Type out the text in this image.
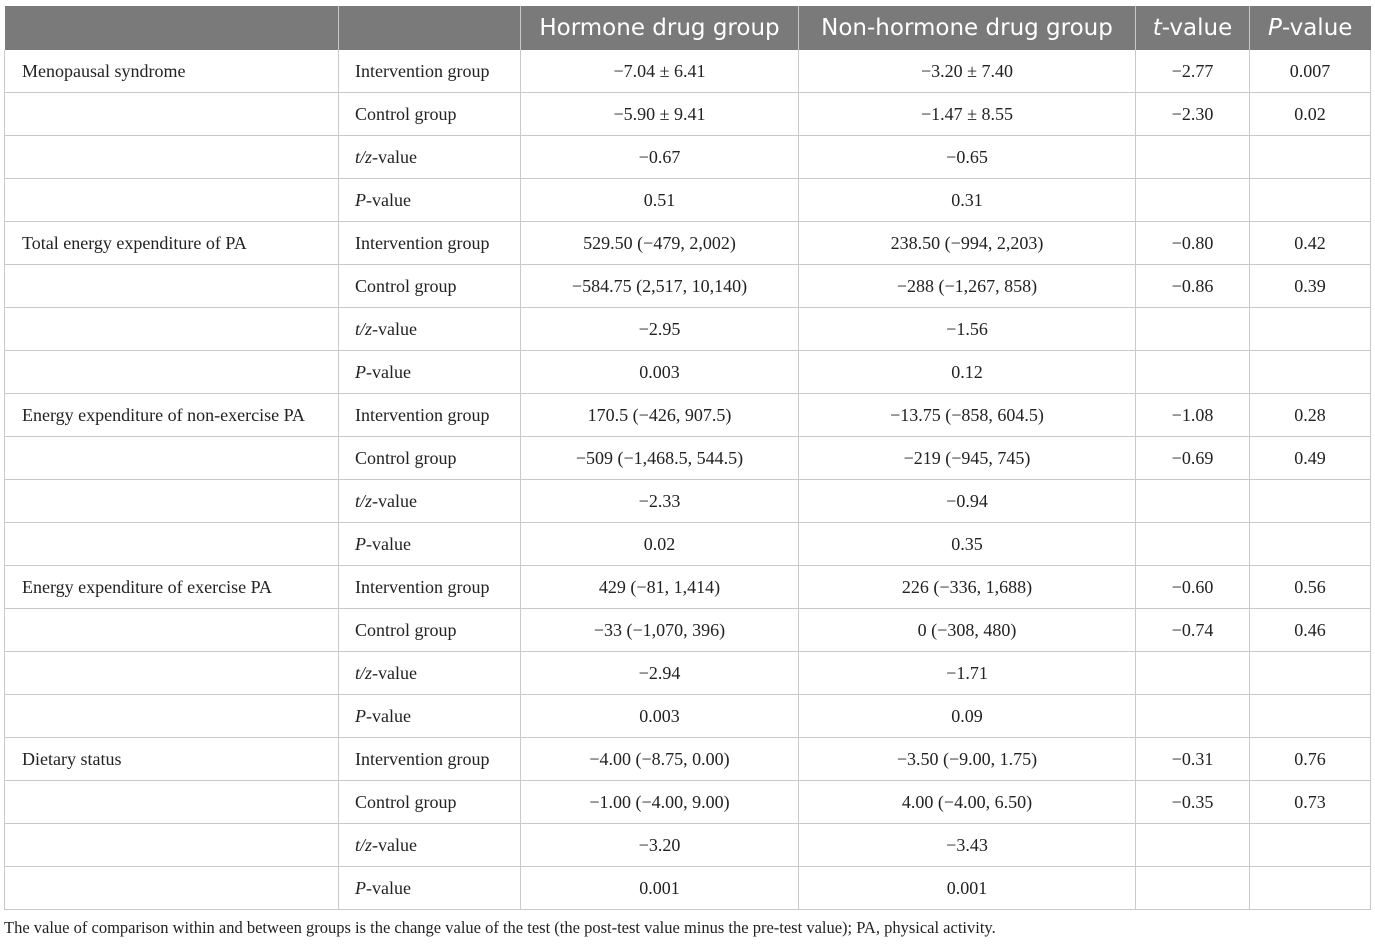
		Hormone drug group	Non-hormone drug group	t-value	P-value
Menopausal syndrome	Intervention group	−7.04 ± 6.41	−3.20 ± 7.40	−2.77	0.007
	Control group	−5.90 ± 9.41	−1.47 ± 8.55	−2.30	0.02
	t/z-value	−0.67	−0.65		
	P-value	0.51	0.31		
Total energy expenditure of PA	Intervention group	529.50 (−479, 2,002)	238.50 (−994, 2,203)	−0.80	0.42
	Control group	−584.75 (2,517, 10,140)	−288 (−1,267, 858)	−0.86	0.39
	t/z-value	−2.95	−1.56		
	P-value	0.003	0.12		
Energy expenditure of non-exercise PA	Intervention group	170.5 (−426, 907.5)	−13.75 (−858, 604.5)	−1.08	0.28
	Control group	−509 (−1,468.5, 544.5)	−219 (−945, 745)	−0.69	0.49
	t/z-value	−2.33	−0.94		
	P-value	0.02	0.35		
Energy expenditure of exercise PA	Intervention group	429 (−81, 1,414)	226 (−336, 1,688)	−0.60	0.56
	Control group	−33 (−1,070, 396)	0 (−308, 480)	−0.74	0.46
	t/z-value	−2.94	−1.71		
	P-value	0.003	0.09		
Dietary status	Intervention group	−4.00 (−8.75, 0.00)	−3.50 (−9.00, 1.75)	−0.31	0.76
	Control group	−1.00 (−4.00, 9.00)	4.00 (−4.00, 6.50)	−0.35	0.73
	t/z-value	−3.20	−3.43		
	P-value	0.001	0.001		
The value of comparison within and between groups is the change value of the test (the post-test value minus the pre-test value); PA, physical activity.
